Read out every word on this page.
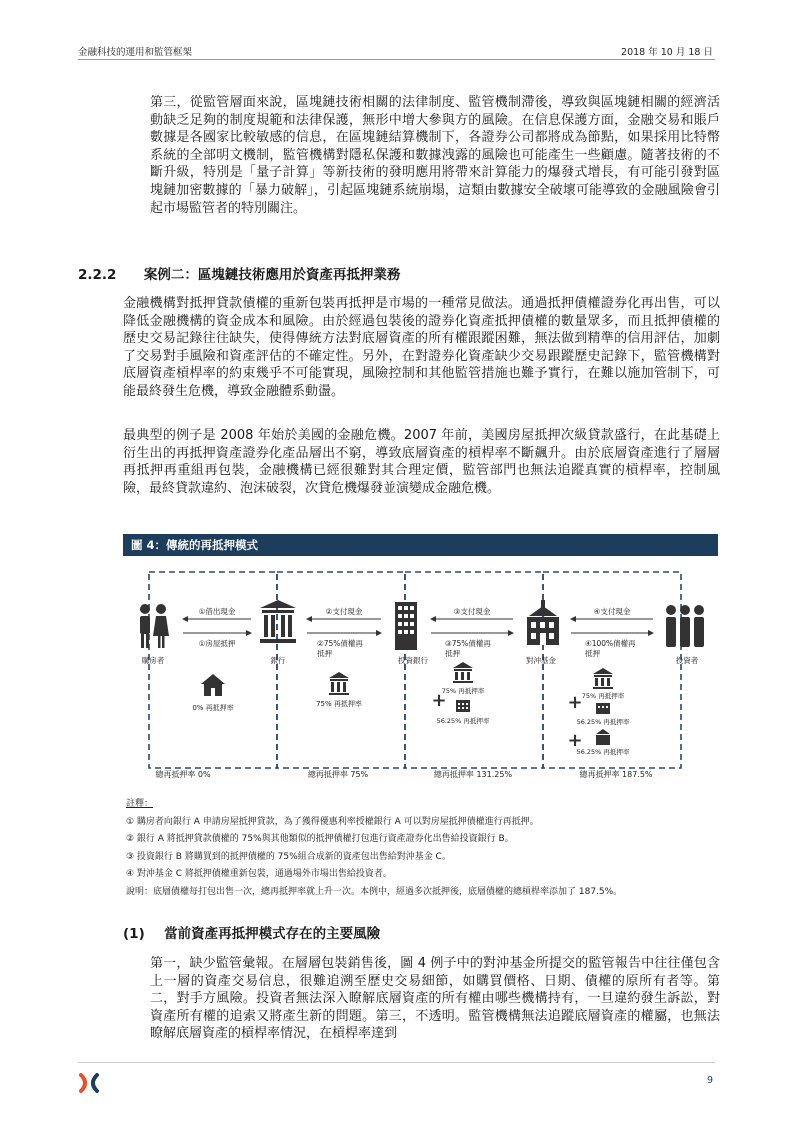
金融科技的運用和監管框架	2018 年 10 月 18 日

第三，從監管層面來說，區塊鏈技術相關的法律制度、監管機制滯後，導致與區塊鏈相關的經濟活動缺乏足夠的制度規範和法律保護，無形中增大參與方的風險。在信息保護方面，金融交易和賬戶數據是各國家比較敏感的信息，在區塊鏈結算機制下，各證券公司都將成為節點，如果採用比特幣系統的全部明文機制，監管機構對隱私保護和數據洩露的風險也可能產生一些顧慮。隨著技術的不斷升級，特別是「量子計算」等新技術的發明應用將帶來計算能力的爆發式增長，有可能引發對區塊鏈加密數據的「暴力破解」，引起區塊鏈系統崩塌，這類由數據安全破壞可能導致的金融風險會引起市場監管者的特別關注。

2.2.2 案例二：區塊鏈技術應用於資產再抵押業務

金融機構對抵押貸款債權的重新包裝再抵押是市場的一種常見做法。通過抵押債權證券化再出售，可以降低金融機構的資金成本和風險。由於經過包裝後的證券化資產抵押債權的數量眾多，而且抵押債權的歷史交易記錄往往缺失，使得傳統方法對底層資產的所有權跟蹤困難，無法做到精準的信用評估，加劇了交易對手風險和資產評估的不確定性。另外，在對證券化資產缺少交易跟蹤歷史記錄下，監管機構對底層資產槓桿率的約束幾乎不可能實現，風險控制和其他監管措施也難予實行，在難以施加管制下，可能最終發生危機，導致金融體系動盪。

最典型的例子是 2008 年始於美國的金融危機。2007 年前，美國房屋抵押次級貸款盛行，在此基礎上衍生出的再抵押資產證券化產品層出不窮，導致底層資產的槓桿率不斷飆升。由於底層資產進行了層層再抵押再重組再包裝，金融機構已經很難對其合理定價，監管部門也無法追蹤真實的槓桿率，控制風險，最終貸款違約、泡沫破裂，次貸危機爆發並演變成金融危機。

圖 4：傳統的再抵押模式
購房者	銀行	投資銀行	對沖基金	投資者
①借出現金	②支付現金	③支付現金	④支付現金
①房屋抵押	②75%債權再
抵押
③75%債權再
抵押
④100%債權再
抵押
0% 再抵押率	75% 再抵押率
75% 再抵押率
+
56.25% 再抵押率
75% 再抵押率
+
56.25% 再抵押率
+
56.25% 再抵押率
總再抵押率 0%	總再抵押率 75%	總再抵押率 131.25%	總再抵押率 187.5%

註釋：

① 購房者向銀行 A 申請房屋抵押貸款，為了獲得優惠利率授權銀行 A 可以對房屋抵押債權進行再抵押。

② 銀行 A 將抵押貸款債權的 75%與其他類似的抵押債權打包進行資產證券化出售給投資銀行 B。

③ 投資銀行 B 將購買到的抵押債權的 75%組合成新的資產包出售給對沖基金 C。

④ 對沖基金 C 將抵押債權重新包裝，通過場外市場出售給投資者。

說明：底層債權每打包出售一次，總再抵押率就上升一次。本例中，經過多次抵押後，底層債權的總槓桿率添加了 187.5%。

(1) 當前資產再抵押模式存在的主要風險

第一，缺少監管彙報。在層層包裝銷售後，圖 4 例子中的對沖基金所提交的監管報告中往往僅包含上一層的資產交易信息，很難追溯至歷史交易細節，如購買價格、日期、債權的原所有者等。第二，對手方風險。投資者無法深入瞭解底層資產的所有權由哪些機構持有，一旦違約發生訴訟，對資產所有權的追索又將產生新的問題。第三，不透明。監管機構無法追蹤底層資產的權屬，也無法瞭解底層資產的槓桿率情況，在槓桿率達到

9
